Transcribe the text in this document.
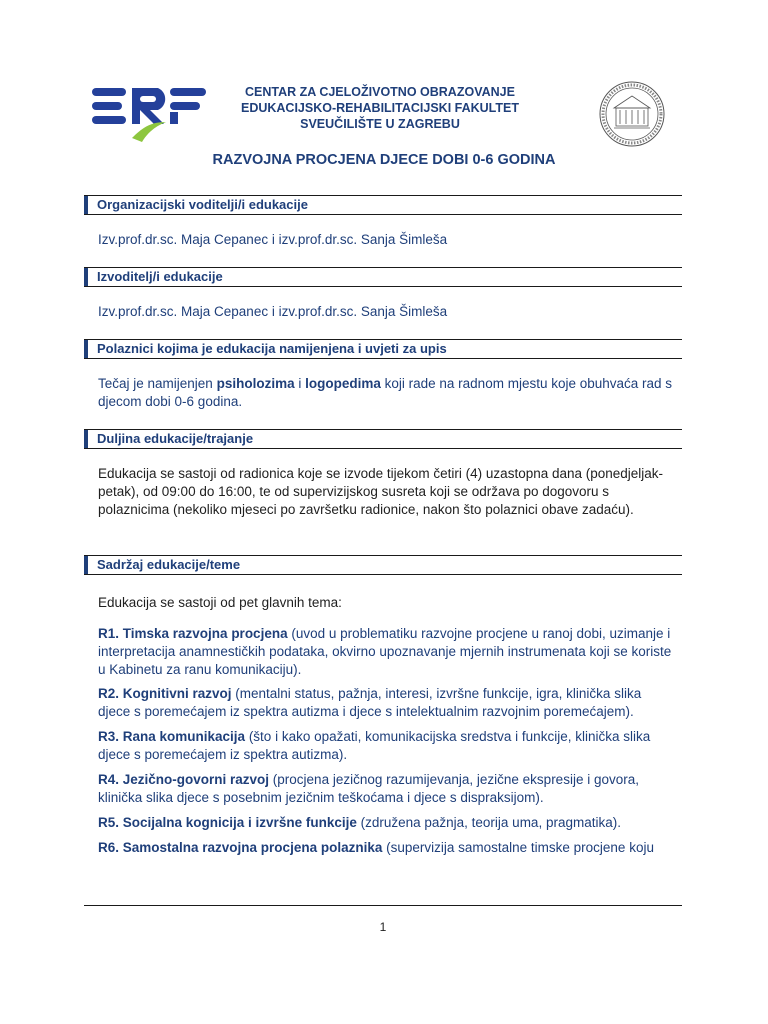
CENTAR ZA CJELOŽIVOTNO OBRAZOVANJE
EDUKACIJSKO-REHABILITACIJSKI FAKULTET
SVEUČILIŠTE U ZAGREBU
RAZVOJNA PROCJENA DJECE DOBI 0-6 GODINA
Organizacijski voditelji/i edukacije
Izv.prof.dr.sc. Maja Cepanec i izv.prof.dr.sc. Sanja Šimleša
Izvoditelj/i edukacije
Izv.prof.dr.sc. Maja Cepanec i izv.prof.dr.sc. Sanja Šimleša
Polaznici kojima je edukacija namijenjena i uvjeti za upis
Tečaj je namijenjen psiholozima i logopedima koji rade na radnom mjestu koje obuhvaća rad s djecom dobi 0-6 godina.
Duljina edukacije/trajanje
Edukacija se sastoji od radionica koje se izvode tijekom četiri (4) uzastopna dana (ponedjeljak- petak), od 09:00 do 16:00, te od supervizijskog susreta koji se održava po dogovoru s polaznicima (nekoliko mjeseci po završetku radionice, nakon što polaznici obave zadaću).
Sadržaj edukacije/teme
Edukacija se sastoji od pet glavnih tema:
R1. Timska razvojna procjena (uvod u problematiku razvojne procjene u ranoj dobi, uzimanje i interpretacija anamnestičkih podataka, okvirno upoznavanje mjernih instrumenata koji se koriste u Kabinetu za ranu komunikaciju).
R2. Kognitivni razvoj (mentalni status, pažnja, interesi, izvršne funkcije, igra, klinička slika djece s poremećajem iz spektra autizma i djece s intelektualnim razvojnim poremećajem).
R3. Rana komunikacija (što i kako opažati, komunikacijska sredstva i funkcije, klinička slika djece s poremećajem iz spektra autizma).
R4. Jezično-govorni razvoj (procjena jezičnog razumijevanja, jezične ekspresije i govora, klinička slika djece s posebnim jezičnim teškoćama i djece s dispraksijom).
R5. Socijalna kognicija i izvršne funkcije (združena pažnja, teorija uma, pragmatika).
R6. Samostalna razvojna procjena polaznika (supervizija samostalne timske procjene koju
1
